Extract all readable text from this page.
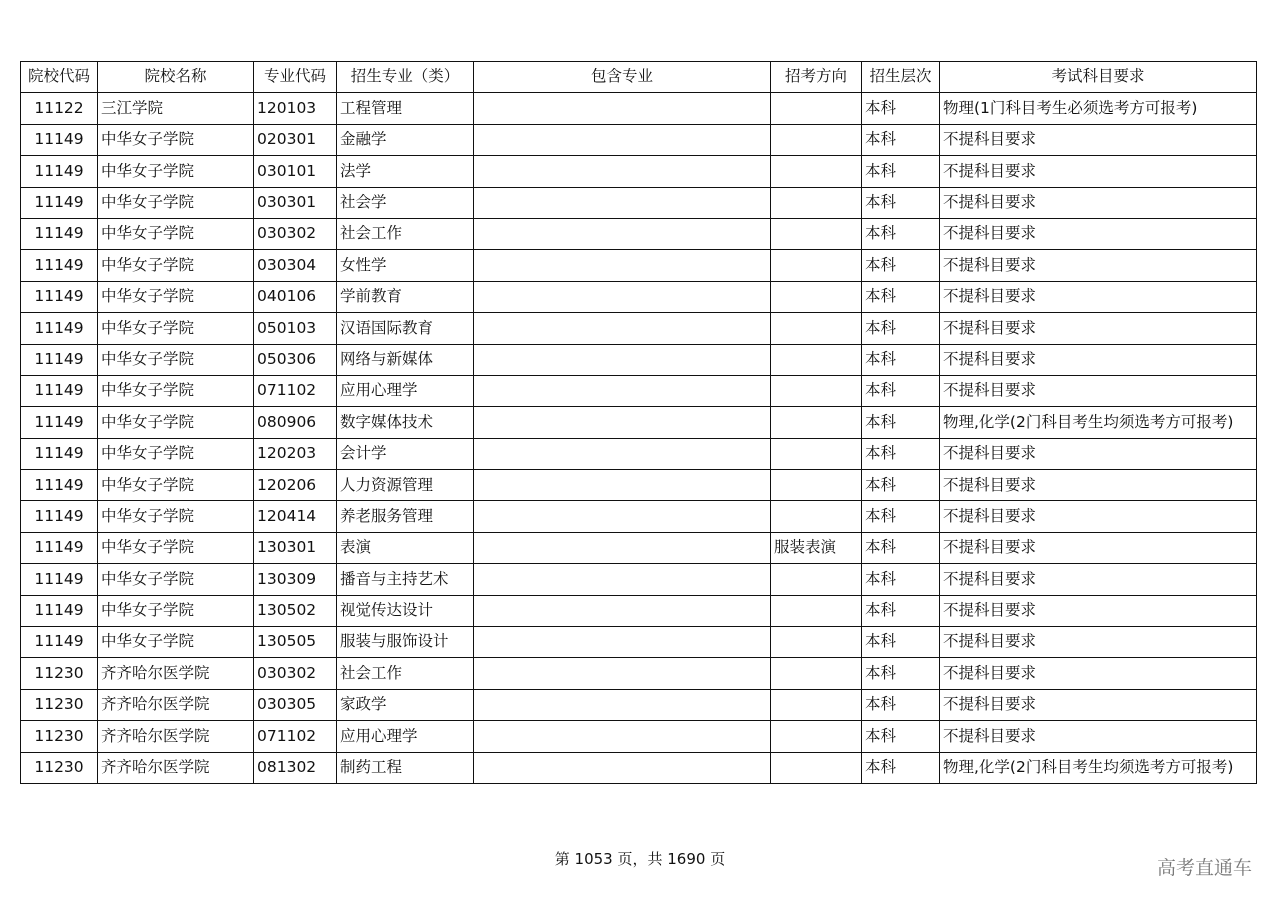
院校代码	院校名称	专业代码	招生专业（类）	包含专业	招考方向	招生层次	考试科目要求
11122	三江学院	120103	工程管理			本科	物理(1门科目考生必须选考方可报考)
11149	中华女子学院	020301	金融学			本科	不提科目要求
11149	中华女子学院	030101	法学			本科	不提科目要求
11149	中华女子学院	030301	社会学			本科	不提科目要求
11149	中华女子学院	030302	社会工作			本科	不提科目要求
11149	中华女子学院	030304	女性学			本科	不提科目要求
11149	中华女子学院	040106	学前教育			本科	不提科目要求
11149	中华女子学院	050103	汉语国际教育			本科	不提科目要求
11149	中华女子学院	050306	网络与新媒体			本科	不提科目要求
11149	中华女子学院	071102	应用心理学			本科	不提科目要求
11149	中华女子学院	080906	数字媒体技术			本科	物理,化学(2门科目考生均须选考方可报考)
11149	中华女子学院	120203	会计学			本科	不提科目要求
11149	中华女子学院	120206	人力资源管理			本科	不提科目要求
11149	中华女子学院	120414	养老服务管理			本科	不提科目要求
11149	中华女子学院	130301	表演		服装表演	本科	不提科目要求
11149	中华女子学院	130309	播音与主持艺术			本科	不提科目要求
11149	中华女子学院	130502	视觉传达设计			本科	不提科目要求
11149	中华女子学院	130505	服装与服饰设计			本科	不提科目要求
11230	齐齐哈尔医学院	030302	社会工作			本科	不提科目要求
11230	齐齐哈尔医学院	030305	家政学			本科	不提科目要求
11230	齐齐哈尔医学院	071102	应用心理学			本科	不提科目要求
11230	齐齐哈尔医学院	081302	制药工程			本科	物理,化学(2门科目考生均须选考方可报考)
第 1053 页，共 1690 页	高考直通车
